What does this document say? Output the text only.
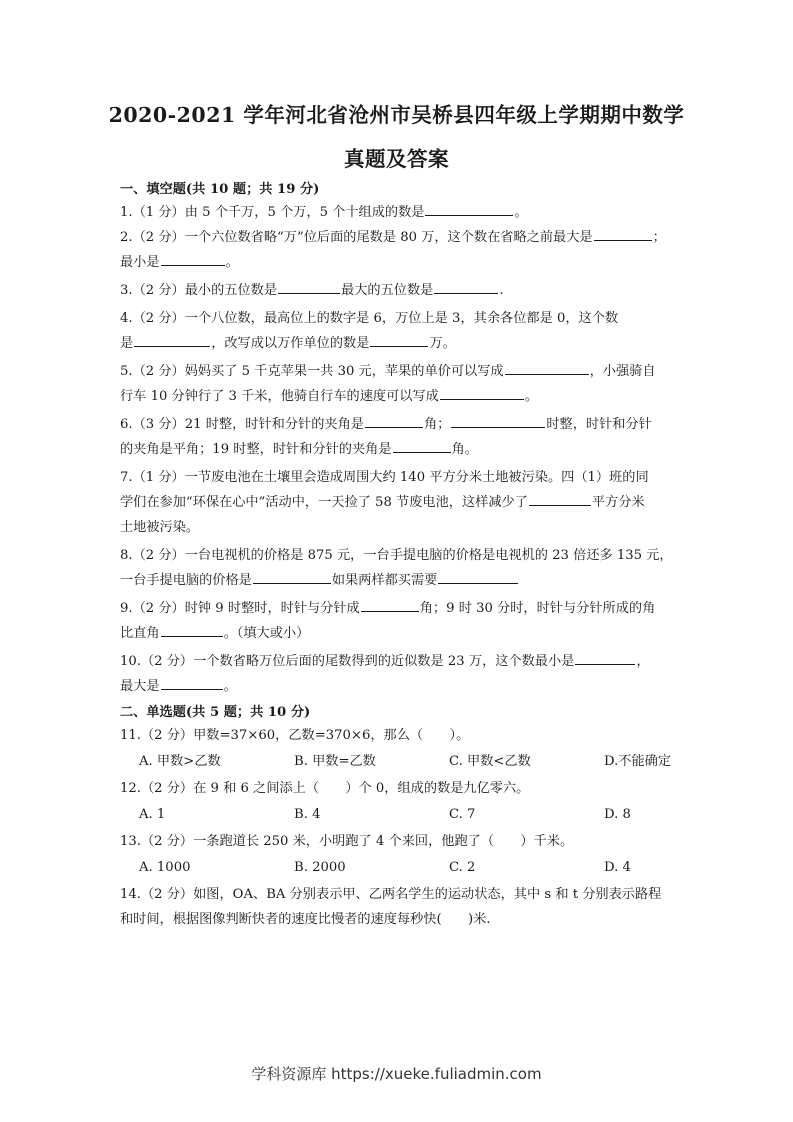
2020-2021 学年河北省沧州市吴桥县四年级上学期期中数学
真题及答案
一、填空题(共 10 题；共 19 分)
1.（1 分）由 5 个千万，5 个万，5 个十组成的数是	。
2.（2 分）一个六位数省略“万”位后面的尾数是 80 万，这个数在省略之前最大是	；
最小是	。
3.（2 分）最小的五位数是	最大的五位数是	.
4.（2 分）一个八位数，最高位上的数字是 6，万位上是 3，其余各位都是 0，这个数
是	，改写成以万作单位的数是	万。
5.（2 分）妈妈买了 5 千克苹果一共 30 元，苹果的单价可以写成	，小强骑自
行车 10 分钟行了 3 千米，他骑自行车的速度可以写成	。
6.（3 分）21 时整，时针和分针的夹角是	角；	时整，时针和分针
的夹角是平角；19 时整，时针和分针的夹角是	角。
7.（1 分）一节废电池在土壤里会造成周围大约 140 平方分米土地被污染。四（1）班的同
学们在参加“环保在心中”活动中，一天捡了 58 节废电池，这样减少了	平方分米
土地被污染。
8.（2 分）一台电视机的价格是 875 元，一台手提电脑的价格是电视机的 23 倍还多 135 元，
一台手提电脑的价格是	如果两样都买需要
9.（2 分）时钟 9 时整时，时针与分针成	角；9 时 30 分时，时针与分针所成的角
比直角	。（填大或小）
10.（2 分）一个数省略万位后面的尾数得到的近似数是 23 万，这个数最小是	，
最大是	。
二、单选题(共 5 题；共 10 分)
11.（2 分）甲数=37×60，乙数=370×6，那么（　　）。
A. 甲数>乙数	B. 甲数=乙数	C. 甲数<乙数	D.不能确定
12.（2 分）在 9 和 6 之间添上（　　）个 0，组成的数是九亿零六。
A. 1	B. 4	C. 7	D. 8
13.（2 分）一条跑道长 250 米，小明跑了 4 个来回，他跑了（　　）千米。
A. 1000	B. 2000	C. 2	D. 4
14.（2 分）如图，OA、BA 分别表示甲、乙两名学生的运动状态，其中 s 和 t 分别表示路程
和时间，根据图像判断快者的速度比慢者的速度每秒快(　　)米.
学科资源库 https://xueke.fuliadmin.com
